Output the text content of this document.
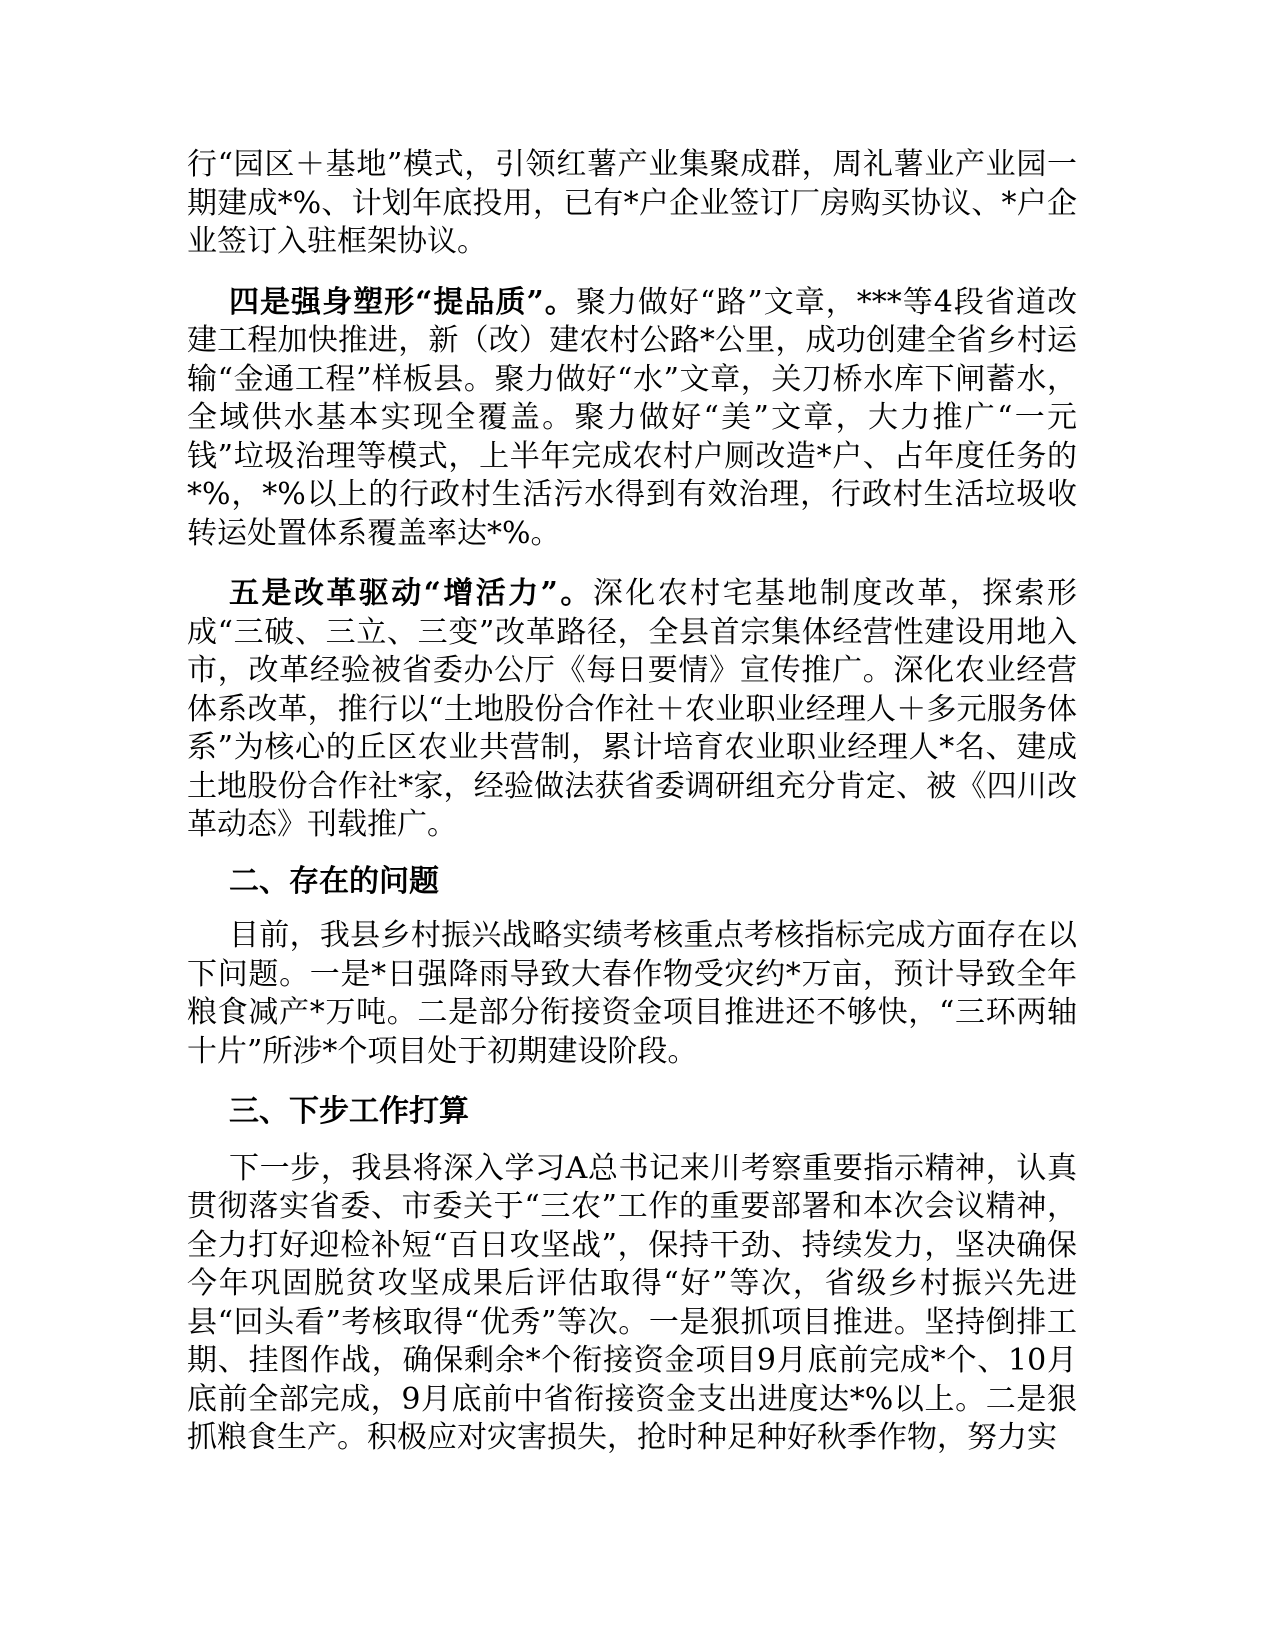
行“园区＋基地”模式，引领红薯产业集聚成群，周礼薯业产业园一期建成*%、计划年底投用，已有*户企业签订厂房购买协议、*户企业签订入驻框架协议。

四是强身塑形“提品质”。聚力做好“路”文章，***等4段省道改建工程加快推进，新（改）建农村公路*公里，成功创建全省乡村运输“金通工程”样板县。聚力做好“水”文章，关刀桥水库下闸蓄水，全域供水基本实现全覆盖。聚力做好“美”文章，大力推广“一元钱”垃圾治理等模式，上半年完成农村户厕改造*户、占年度任务的*%，*%以上的行政村生活污水得到有效治理，行政村生活垃圾收转运处置体系覆盖率达*%。

五是改革驱动“增活力”。深化农村宅基地制度改革，探索形成“三破、三立、三变”改革路径，全县首宗集体经营性建设用地入市，改革经验被省委办公厅《每日要情》宣传推广。深化农业经营体系改革，推行以“土地股份合作社＋农业职业经理人＋多元服务体系”为核心的丘区农业共营制，累计培育农业职业经理人*名、建成土地股份合作社*家，经验做法获省委调研组充分肯定、被《四川改革动态》刊载推广。

二、存在的问题

目前，我县乡村振兴战略实绩考核重点考核指标完成方面存在以下问题。一是*日强降雨导致大春作物受灾约*万亩，预计导致全年粮食减产*万吨。二是部分衔接资金项目推进还不够快，“三环两轴十片”所涉*个项目处于初期建设阶段。

三、下步工作打算

下一步，我县将深入学习A总书记来川考察重要指示精神，认真贯彻落实省委、市委关于“三农”工作的重要部署和本次会议精神，全力打好迎检补短“百日攻坚战”，保持干劲、持续发力，坚决确保今年巩固脱贫攻坚成果后评估取得“好”等次，省级乡村振兴先进县“回头看”考核取得“优秀”等次。一是狠抓项目推进。坚持倒排工期、挂图作战，确保剩余*个衔接资金项目9月底前完成*个、10月底前全部完成，9月底前中省衔接资金支出进度达*%以上。二是狠抓粮食生产。积极应对灾害损失，抢时种足种好秋季作物，努力实
